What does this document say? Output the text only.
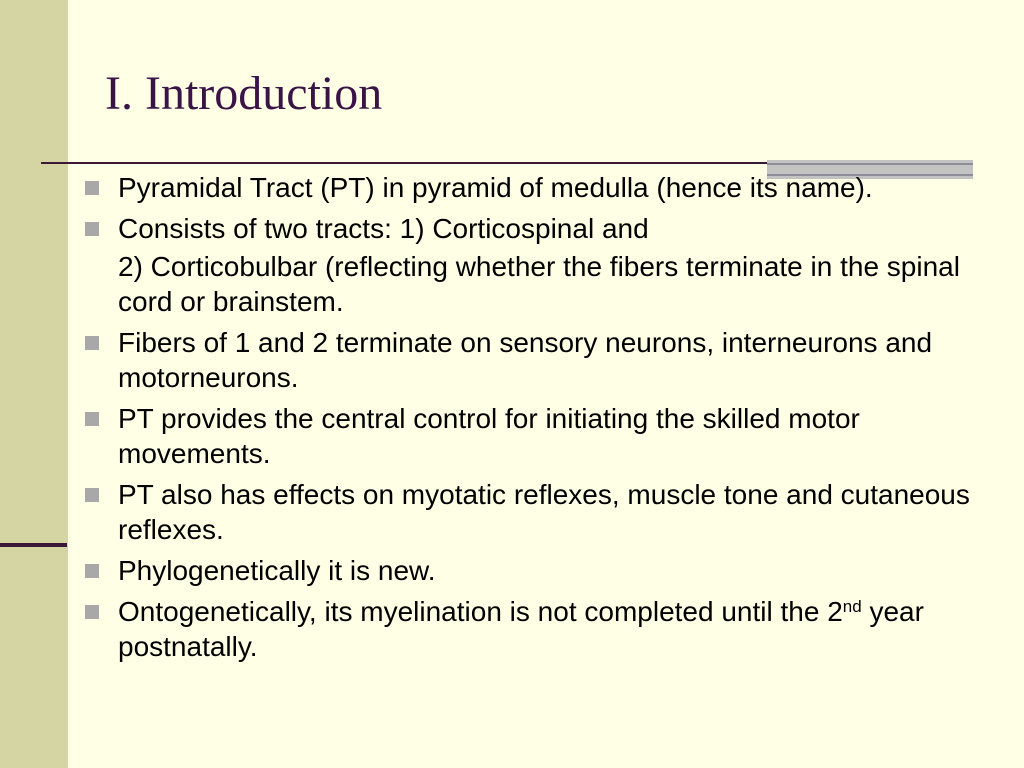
I. Introduction
Pyramidal Tract (PT) in pyramid of medulla (hence its name).
Consists of two tracts: 1) Corticospinal and
2) Corticobulbar (reflecting whether the fibers terminate in the spinal cord or brainstem.
Fibers of 1 and 2 terminate on sensory neurons, interneurons and motorneurons.
PT provides the central control for initiating the skilled motor movements.
PT also has effects on myotatic reflexes, muscle tone and cutaneous reflexes.
Phylogenetically it is new.
Ontogenetically, its myelination is not completed until the 2nd year postnatally.
